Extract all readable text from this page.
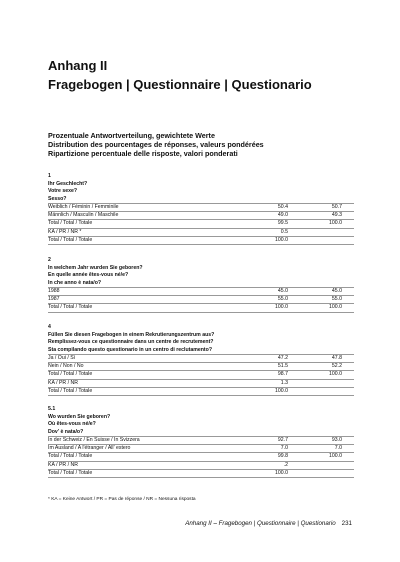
Anhang II
Fragebogen | Questionnaire | Questionario
Prozentuale Antwortverteilung, gewichtete Werte
Distribution des pourcentages de réponses, valeurs pondérées
Ripartizione percentuale delle risposte, valori ponderati
1
Ihr Geschlecht?
Votre sexe?
Sesso?
Weiblich / Féminin / Femminile	50.4	50.7
Männlich / Masculin / Maschile	49.0	49.3
Total / Total / Totale	99.5	100.0
KA / PR / NR *	0.5
Total / Total / Totale	100.0
2
In welchem Jahr wurden Sie geboren?
En quelle année êtes-vous né/e?
In che anno è nata/o?
1988	45.0	45.0
1987	55.0	55.0
Total / Total / Totale	100.0	100.0
4
Füllen Sie diesen Fragebogen in einem Rekrutierungszentrum aus?
Remplissez-vous ce questionnaire dans un centre de recrutement?
Sta compilando questo questionario in un centro di reclutamento?
Ja / Oui / Sì	47.2	47.8
Nein / Non / No	51.5	52.2
Total / Total / Totale	98.7	100.0
KA / PR / NR	1.3
Total / Total / Totale	100.0
5.1
Wo wurden Sie geboren?
Où êtes-vous né/e?
Dov' è nata/o?
In der Schweiz / En Suisse / In Svizzera	92.7	93.0
Im Ausland / A l'étranger / All' estero	7.0	7.0
Total / Total / Totale	99.8	100.0
KA / PR / NR	.2
Total / Total / Totale	100.0
* KA = Keine Antwort / PR = Pas de réponse / NR = Nessuna risposta
Anhang II – Fragebogen | Questionnaire | Questionario 231
